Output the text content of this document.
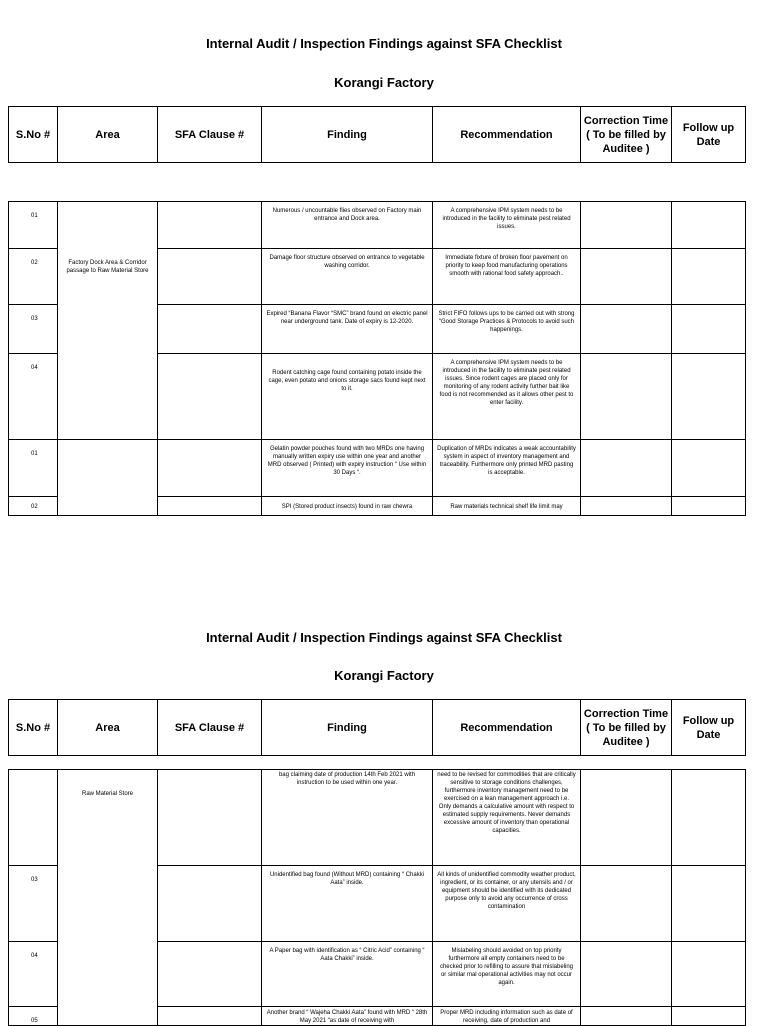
Internal Audit / Inspection Findings against SFA Checklist
Korangi Factory
S.No #	Area	SFA Clause #	Finding	Recommendation	Correction Time ( To be filled by Auditee )	Follow up Date
01	Factory Dock Area & Corridor passage to Raw Material Store		Numerous / uncountable flies observed on Factory main entrance and Dock area.	A comprehensive IPM system needs to be introduced in the facility to eliminate pest related issues.		
02			Damage floor structure observed on entrance to vegetable washing corridor.	Immediate fixture of broken floor pavement on priority to keep food manufacturing operations smooth with rational food safety approach..		
03			Expired “Banana Flavor “SMC” brand found on electric panel near underground tank. Date of expiry is 12-2020.	Strict FIFO follows ups to be carried out with strong “Good Storage Practices & Protocols to avoid such happenings.		
04			Rodent catching cage found containing potato inside the cage, even potato and onions storage sacs found kept next to it.	A comprehensive IPM system needs to be introduced in the facility to eliminate pest related issues. Since rodent cages are placed only for monitoring of any rodent activity further bait like food is not recommended as it allows other pest to enter facility.		
01			Gelatin powder pouches found with two MRDs one having manually written expiry use within one year and another MRD observed ( Printed) with expiry instruction “ Use within 30 Days “.	Duplication of MRDs indicates a weak accountability system in aspect of inventory management and traceability. Furthermore only printed MRD pasting is acceptable.		
02			SPI (Stored product insects) found in raw chewra	Raw materials technical shelf life limit may		

Internal Audit / Inspection Findings against SFA Checklist
Korangi Factory
S.No #	Area	SFA Clause #	Finding	Recommendation	Correction Time ( To be filled by Auditee )	Follow up Date

	Raw Material Store		bag claiming date of production 14th Feb 2021 with instruction to be used within one year.	need to be revised for commodities that are critically sensitive to storage conditions challenges, furthermore inventory management need to be exercised on a lean management approach i.e. Only demands a calculative amount with respect to estimated supply requirements. Never demands excessive amount of inventory than operational capacities.		
03			Unidentified bag found (Without MRD) containing “ Chakki Aata” inside.	All kinds of unidentified commodity weather product, ingredient, or its container, or any utensils and / or equipment should be identified with its dedicated purpose only to avoid any occurrence of cross contamination		
04			A Paper bag with identification as “ Citric Acid” containing “ Aata Chakki” inside.	Mislabeling should avoided on top priority furthermore all empty containers need to be checked prior to refilling to assure that mislabeling or similar mal operational activities may not occur again.		
05			Another brand “ Wajeha Chakki Aata” found with MRD “ 28th May 2021 “as date of receiving with	Proper MRD including information such as date of receiving, date of production and		
